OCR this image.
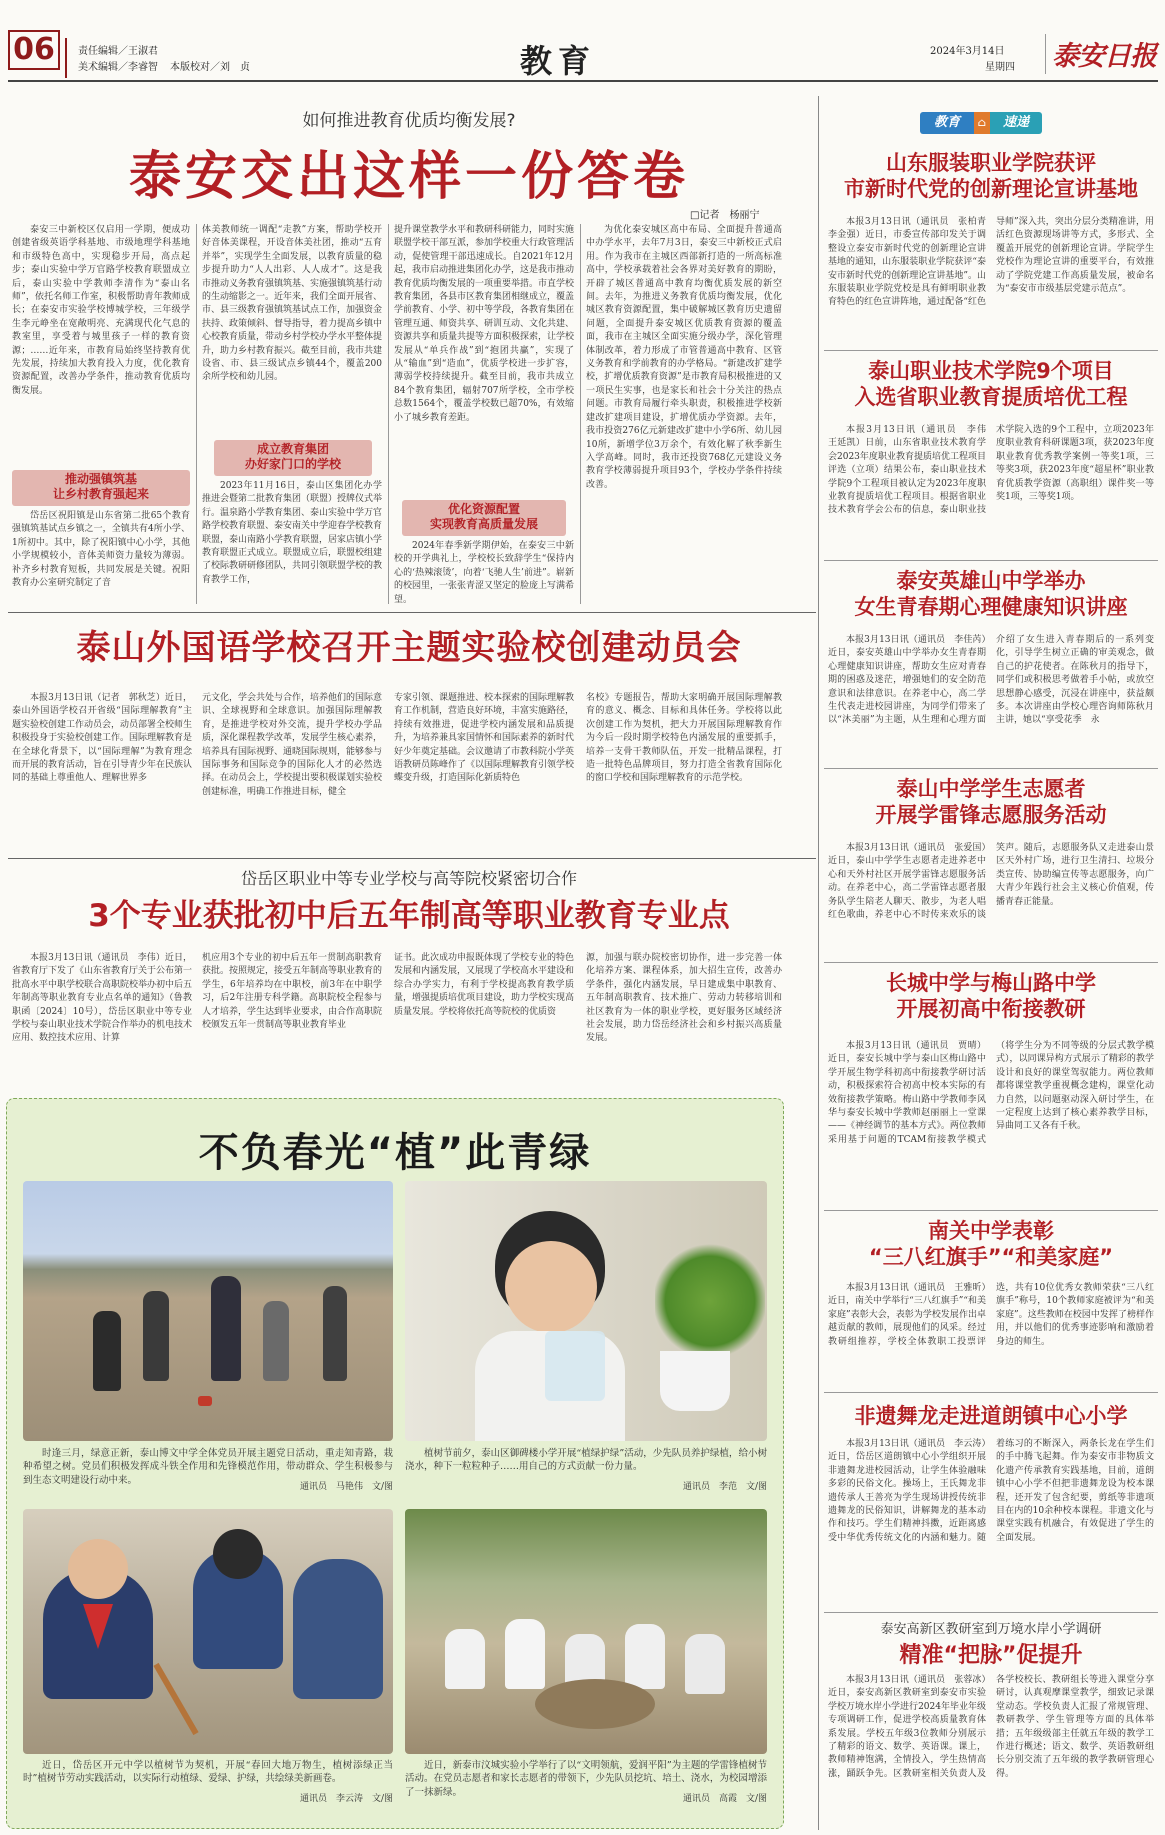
06	责任编辑／王淑君
美术编辑／李睿智 本版校对／刘　贞	教育	2024年3月14日
星期四 泰安日报
如何推进教育优质均衡发展?
泰安交出这样一份答卷
□记者　杨丽宁
泰安三中新校区仅启用一学期，便成功创建省级英语学科基地、市级地理学科基地和市级特色高中，实现稳步开局，高点起步；泰山实验中学万官路学校教育联盟成立后，泰山实验中学教师李清作为“泰山名师”，依托名师工作室，积极帮助青年教师成长；在泰安市实验学校博城学校，三年级学生李元峥坐在宽敞明亮、充满现代化气息的教室里，享受着与城里孩子一样的教育资源；……近年来，市教育局始终坚持教育优先发展，持续加大教育投入力度，优化教育资源配置，改善办学条件，推动教育优质均衡发展。
推动强镇筑基
让乡村教育强起来
岱岳区祝阳镇是山东省第二批65个教育强镇筑基试点乡镇之一，全镇共有4所小学、1所初中。其中，除了祝阳镇中心小学，其他小学规模较小，音体美师资力量较为薄弱。补齐乡村教育短板，共同发展是关键。祝阳教育办公室研究制定了音
体美教师统一调配“走教”方案，帮助学校开好音体美课程，开设音体美社团，推动“五育并举”，实现学生全面发展，以教育质量的稳步提升助力“人人出彩、人人成才”。这是我市推动义务教育强镇筑基、实施强镇筑基行动的生动缩影之一。近年来，我们全面开展省、市、县三级教育强镇筑基试点工作，加强资金扶持、政策倾斜、督导指导，着力提高乡镇中心校教育质量，带动乡村学校办学水平整体提升，助力乡村教育振兴。截至目前，我市共建设省、市、县三级试点乡镇44个，覆盖200余所学校和幼儿园。
成立教育集团
办好家门口的学校
2023年11月16日，泰山区集团化办学推进会暨第二批教育集团（联盟）授牌仪式举行。温泉路小学教育集团、泰山实验中学万官路学校教育联盟、泰安南关中学迎春学校教育联盟，泰山南路小学教育联盟，居家店镇小学教育联盟正式成立。联盟成立后，联盟校组建了校际教研研修团队，共同引领联盟学校的教育教学工作，
提升课堂教学水平和教研科研能力，同时实施联盟学校干部互派，参加学校重大行政管理活动，促使管理干部迅速成长。自2021年12月起，我市启动推进集团化办学，这是我市推动教育优质均衡发展的一项重要举措。市直学校教育集团，各县市区教育集团相继成立，覆盖学前教育、小学、初中等学段，各教育集团在管理互通、师资共享、研训互动、文化共建、资源共享和质量共提等方面积极探索，让学校发展从“单兵作战”到“抱团共赢”，实现了从“输血”到“造血”，优质学校进一步扩容，薄弱学校持续提升。截至目前，我市共成立84个教育集团，辐射707所学校，全市学校总数1564个，覆盖学校数已超70%，有效缩小了城乡教育差距。
优化资源配置
实现教育高质量发展
2024年春季新学期伊始，在泰安三中新校的开学典礼上，学校校长致辞学生“保持内心的‘热辣滚烫’，向着‘飞驰人生’前进”。崭新的校园里，一张张青涩又坚定的脸庞上写满希望。
为优化泰安城区高中布局、全面提升普通高中办学水平，去年7月3日，泰安三中新校正式启用。作为我市在主城区西部新打造的一所高标准高中，学校承载着社会各界对美好教育的期盼，开辟了城区普通高中教育均衡优质发展的新空间。去年，为推进义务教育优质均衡发展，优化城区教育资源配置，集中破解城区教育历史遗留问题，全面提升泰安城区优质教育资源的覆盖面，我市在主城区全面实施分级办学，深化管理体制改革，着力形成了市管普通高中教育、区管义务教育和学前教育的办学格局。“新建改扩建学校，扩增优质教育资源”是市教育局积极推进的又一项民生实事，也是家长和社会十分关注的热点问题。市教育局履行牵头职责，积极推进学校新建改扩建项目建设，扩增优质办学资源。去年，我市投资276亿元新建改扩建中小学6所、幼儿园10所，新增学位3万余个，有效化解了秋季新生入学高峰。同时，我市还投资768亿元建设义务教育学校薄弱提升项目93个，学校办学条件持续改善。
泰山外国语学校召开主题实验校创建动员会
本报3月13日讯（记者　郭秋芝）近日，泰山外国语学校召开省级“国际理解教育”主题实验校创建工作动员会，动员部署全校师生积极投身于实验校创建工作。国际理解教育是在全球化背景下，以“国际理解”为教育理念而开展的教育活动，旨在引导青少年在民族认同的基础上尊重他人、理解世界多
元文化，学会共处与合作，培养他们的国际意识、全球视野和全球意识。加强国际理解教育，是推进学校对外交流，提升学校办学品质，深化课程教学改革，发展学生核心素养，培养具有国际视野、通晓国际规则，能够参与国际事务和国际竞争的国际化人才的必然选择。在动员会上，学校提出要积极谋划实验校创建标准，明确工作推进目标，健全
专家引领、课题推进、校本探索的国际理解教育工作机制，营造良好环境，丰富实施路径，持续有效推进，促进学校内涵发展和品质提升，为培养兼具家国情怀和国际素养的新时代好少年奠定基础。会议邀请了市教科院小学英语教研员陈峰作了《以国际理解教育引领学校蝶变升级，打造国际化新质特色
名校》专题报告，帮助大家明确开展国际理解教育的意义、概念、目标和具体任务。学校将以此次创建工作为契机，把大力开展国际理解教育作为今后一段时期学校特色内涵发展的重要抓手，培养一支骨干教师队伍，开发一批精品课程，打造一批特色品牌项目，努力打造全省教育国际化的窗口学校和国际理解教育的示范学校。
岱岳区职业中等专业学校与高等院校紧密切合作
3个专业获批初中后五年制高等职业教育专业点
本报3月13日讯（通讯员　李伟）近日，省教育厅下发了《山东省教育厅关于公布第一批高水平中职学校联合高职院校举办初中后五年制高等职业教育专业点名单的通知》（鲁教职函〔2024〕10号），岱岳区职业中等专业学校与泰山职业技术学院合作举办的机电技术应用、数控技术应用、计算
机应用3个专业的初中后五年一贯制高职教育获批。按照规定，接受五年制高等职业教育的学生，6年培养均在中职校，前3年在中职学习，后2年注册专科学籍。高职院校全程参与人才培养，学生达到毕业要求，由合作高职院校颁发五年一贯制高等职业教育毕业
证书。此次成功申报既体现了学校专业的特色发展和内涵发展，又展现了学校高水平建设和综合办学实力，有利于学校提高教育教学质量，增强提质培优项目建设，助力学校实现高质量发展。学校将依托高等院校的优质资
源，加强与联办院校密切协作，进一步完善一体化培养方案、课程体系，加大招生宣传，改善办学条件，强化内涵发展，早日建成集中职教育、五年制高职教育、技术推广、劳动力转移培训和社区教育为一体的职业学校，更好服务区域经济社会发展，助力岱岳经济社会和乡村振兴高质量发展。
不负春光“植”此青绿
时逢三月，绿意正新，泰山博文中学全体党员开展主题党日活动，重走知青路，栽种希望之树。党员们积极发挥成斗铁全作用和先锋模范作用，带动群众、学生积极参与到生态文明建设行动中来。
通讯员　马艳伟　文/图
植树节前夕，泰山区御碑楼小学开展“植绿护绿”活动，少先队员养护绿植，给小树浇水，种下一粒粒种子……用自己的方式贡献一份力量。
通讯员　李范　文/图
近日，岱岳区开元中学以植树节为契机，开展“春回大地万物生，植树添绿正当时”植树节劳动实践活动，以实际行动植绿、爱绿、护绿，共绘绿美新画卷。
通讯员　李云涛　文/图
近日，新泰市汶城实验小学举行了以“文明领航，爱润平阳”为主题的学雷锋植树节活动。在党员志愿者和家长志愿者的带领下，少先队员挖坑、培土、浇水，为校园增添了一抹新绿。
通讯员　高霞　文/图
教育	⌂	速递
山东服装职业学院获评
市新时代党的创新理论宣讲基地
本报3月13日讯（通讯员　张柏青　李金强）近日，市委宣传部印发关于调整设立泰安市新时代党的创新理论宣讲基地的通知，山东服装职业学院获评“泰安市新时代党的创新理论宣讲基地”。山东服装职业学院党校是具有鲜明职业教育特色的红色宣讲阵地，通过配备“红色导师”深入共，突出分层分类精准讲，用活红色资源现场讲等方式，多形式、全覆盖开展党的创新理论宣讲。学院学生党校作为理论宣讲的重要平台，有效推动了学院党建工作高质量发展，被命名为“泰安市市级基层党建示范点”。
泰山职业技术学院9个项目
入选省职业教育提质培优工程
本报3月13日讯（通讯员　李伟　王延凯）日前，山东省职业技术教育学会2023年度职业教育提质培优工程项目评选（立项）结果公布，泰山职业技术学院9个工程项目被认定为2023年度职业教育提质培优工程项目。根据省职业技术教育学会公布的信息，泰山职业技术学院入选的9个工程中，立项2023年度职业教育科研课题3项，获2023年度职业教育优秀教学案例一等奖1项，三等奖3项，获2023年度“超星杯”职业教育优质教学资源（高职组）课件奖一等奖1项，三等奖1项。
泰安英雄山中学举办
女生青春期心理健康知识讲座
本报3月13日讯（通讯员　李佳芮）近日，泰安英雄山中学举办女生青春期心理健康知识讲座，帮助女生应对青春期的困惑及迷茫，增强她们的安全防范意识和法律意识。在养老中心，高二学生代表走进校园讲座，为同学们带来了以“沐美丽”为主题，从生理和心理方面介绍了女生进入青春期后的一系列变化，引导学生树立正确的审美观念，做自己的护花使者。在陈秋月的指导下，同学们或积极思考做着手小帖，或放空思想静心感受，沉浸在讲座中，获益颇多。本次讲座由学校心理咨询师陈秋月主讲，她以“享受花季　永
泰山中学学生志愿者
开展学雷锋志愿服务活动
本报3月13日讯（通讯员　张爱国）近日，泰山中学学生志愿者走进养老中心和天外村社区开展学雷锋志愿服务活动。在养老中心，高二学雷锋志愿者服务队学生陪老人聊天、散步，为老人唱红色歌曲，养老中心不时传来欢乐的谈笑声。随后，志愿服务队又走进泰山景区天外村广场，进行卫生清扫、垃圾分类宣传、协助编宣传等志愿服务，向广大青少年践行社会主义核心价值观，传播青春正能量。
长城中学与梅山路中学
开展初高中衔接教研
本报3月13日讯（通讯员　贾晴）近日，泰安长城中学与泰山区梅山路中学开展生物学科初高中衔接教学研讨活动，积极探索符合初高中校本实际的有效衔接教学策略。梅山路中学教师李风华与泰安长城中学教师赵丽丽上一堂课——《神经调节的基本方式》。两位教师采用基于问题的TCAM衔接教学模式（将学生分为不同等级的分层式教学模式），以同课异构方式展示了精彩的教学设计和良好的课堂驾驭能力。两位教师都将课堂教学重视概念建构，课堂化动力自然，以问题驱动深入研讨学生，在一定程度上达到了核心素养教学目标，异曲同工又各有千秋。
南关中学表彰
“三八红旗手”“和美家庭”
本报3月13日讯（通讯员　王雅昕）近日，南关中学举行“三八红旗手”“和美家庭”表彰大会，表彰为学校发展作出卓越贡献的教师，展现他们的风采。经过教研组推荐，学校全体教职工投票评选，共有10位优秀女教师荣获“三八红旗手”称号，10个教师家庭被评为“和美家庭”。这些教师在校园中发挥了榜样作用，并以他们的优秀事迹影响和激励着身边的师生。
非遗舞龙走进道朗镇中心小学
本报3月13日讯（通讯员　李云涛）近日，岱岳区道朗镇中心小学组织开展非遗舞龙进校园活动，让学生体验融味多彩的民俗文化。操场上，王氏舞龙非遗传承人王善亮为学生现场讲授传统非遗舞龙的民俗知识，讲解舞龙的基本动作和技巧。学生们精神抖擞，近距离感受中华优秀传统文化的内涵和魅力。随着练习的不断深入，两条长龙在学生们的手中腾飞起舞。作为泰安市非物质文化遗产传承教育实践基地，目前，道朗镇中心小学不但把非遗舞龙设为校本课程，还开发了包含纪要，剪纸等非遗项目在内的10余种校本课程。非遗文化与课堂实践有机融合，有效促进了学生的全面发展。
泰安高新区教研室到万境水岸小学调研
精准“把脉”促提升
本报3月13日讯（通讯员　张蓉冰）近日，泰安高新区教研室到泰安市实验学校万境水岸小学进行2024年毕业年级专项调研工作，促进学校高质量教育体系发展。学校五年级3位教师分别展示了精彩的语文、数学、英语课。课上，教师精神饱满，全情投入，学生热情高涨，踊跃争先。区教研室相关负责人及各学校校长、教研组长等进入课堂分享研讨，认真观摩课堂教学，细致记录课堂动态。学校负责人汇报了常规管理、教研教学、学生管理等方面的具体举措；五年级级部主任就五年级的教学工作进行概述；语文、数学、英语教研组长分别交流了五年级的教学教研管理心得。
